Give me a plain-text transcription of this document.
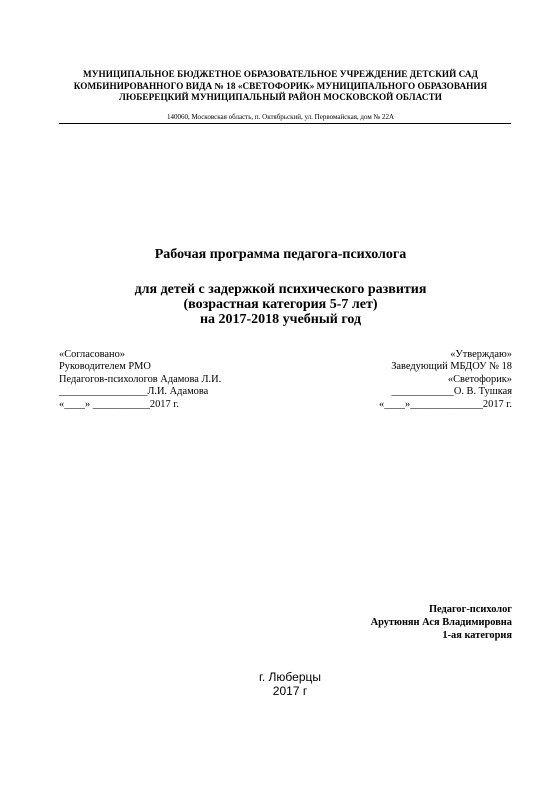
МУНИЦИПАЛЬНОЕ БЮДЖЕТНОЕ ОБРАЗОВАТЕЛЬНОЕ УЧРЕЖДЕНИЕ ДЕТСКИЙ САД
КОМБИНИРОВАННОГО ВИДА № 18 «СВЕТОФОРИК» МУНИЦИПАЛЬНОГО ОБРАЗОВАНИЯ
ЛЮБЕРЕЦКИЙ МУНИЦИПАЛЬНЫЙ РАЙОН МОСКОВСКОЙ ОБЛАСТИ
140060, Московская область, п. Октябрьский, ул. Первомайская, дом № 22А
Рабочая программа педагога-психолога
для детей с задержкой психического развития
(возрастная категория 5-7 лет)
на 2017-2018 учебный год
«Согласовано»
Руководителем РМО
Педагогов-психологов Адамова Л.И.
_________________Л.И. Адамова
«____» ___________2017 г.
«Утверждаю»
Заведующий МБДОУ № 18
«Светофорик»
____________О. В. Тушкая
«____»______________2017 г.
Педагог-психолог
Арутюнян Ася Владимировна
1-ая категория
г. Люберцы
2017 г
